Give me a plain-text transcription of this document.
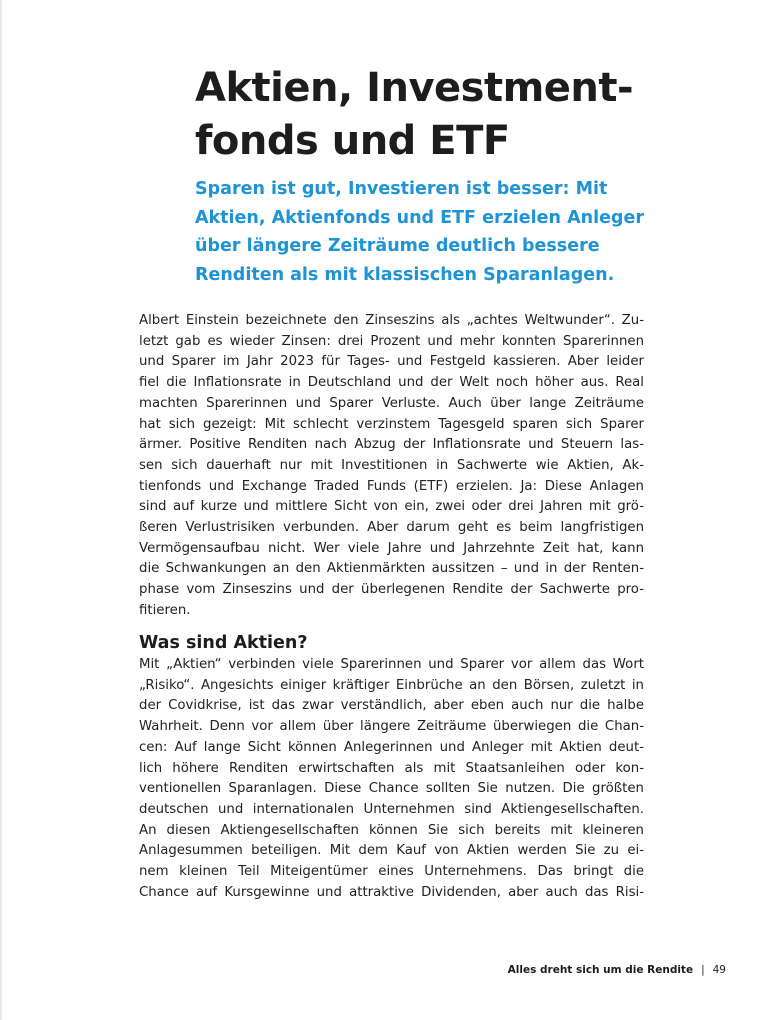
Aktien, Investment-
fonds und ETF

Sparen ist gut, Investieren ist besser: Mit
Aktien, Aktienfonds und ETF erzielen Anleger
über längere Zeiträume deutlich bessere
Renditen als mit klassischen Sparanlagen.

Albert Einstein bezeichnete den Zinseszins als „achtes Weltwunder“. Zu-
letzt gab es wieder Zinsen: drei Prozent und mehr konnten Sparerinnen
und Sparer im Jahr 2023 für Tages- und Festgeld kassieren. Aber leider
fiel die Inflationsrate in Deutschland und der Welt noch höher aus. Real
machten Sparerinnen und Sparer Verluste. Auch über lange Zeiträume
hat sich gezeigt: Mit schlecht verzinstem Tagesgeld sparen sich Sparer
ärmer. Positive Renditen nach Abzug der Inflationsrate und Steuern las-
sen sich dauerhaft nur mit Investitionen in Sachwerte wie Aktien, Ak-
tienfonds und Exchange Traded Funds (ETF) erzielen. Ja: Diese Anlagen
sind auf kurze und mittlere Sicht von ein, zwei oder drei Jahren mit grö-
ßeren Verlustrisiken verbunden. Aber darum geht es beim langfristigen
Vermögensaufbau nicht. Wer viele Jahre und Jahrzehnte Zeit hat, kann
die Schwankungen an den Aktienmärkten aussitzen – und in der Renten-
phase vom Zinseszins und der überlegenen Rendite der Sachwerte pro-
fitieren.

Was sind Aktien?

Mit „Aktien“ verbinden viele Sparerinnen und Sparer vor allem das Wort
„Risiko“. Angesichts einiger kräftiger Einbrüche an den Börsen, zuletzt in
der Covidkrise, ist das zwar verständlich, aber eben auch nur die halbe
Wahrheit. Denn vor allem über längere Zeiträume überwiegen die Chan-
cen: Auf lange Sicht können Anlegerinnen und Anleger mit Aktien deut-
lich höhere Renditen erwirtschaften als mit Staatsanleihen oder kon-
ventionellen Sparanlagen. Diese Chance sollten Sie nutzen. Die größten
deutschen und internationalen Unternehmen sind Aktiengesellschaften.
An diesen Aktiengesellschaften können Sie sich bereits mit kleineren
Anlagesummen beteiligen. Mit dem Kauf von Aktien werden Sie zu ei-
nem kleinen Teil Miteigentümer eines Unternehmens. Das bringt die
Chance auf Kursgewinne und attraktive Dividenden, aber auch das Risi-

Alles dreht sich um die Rendite | 49
